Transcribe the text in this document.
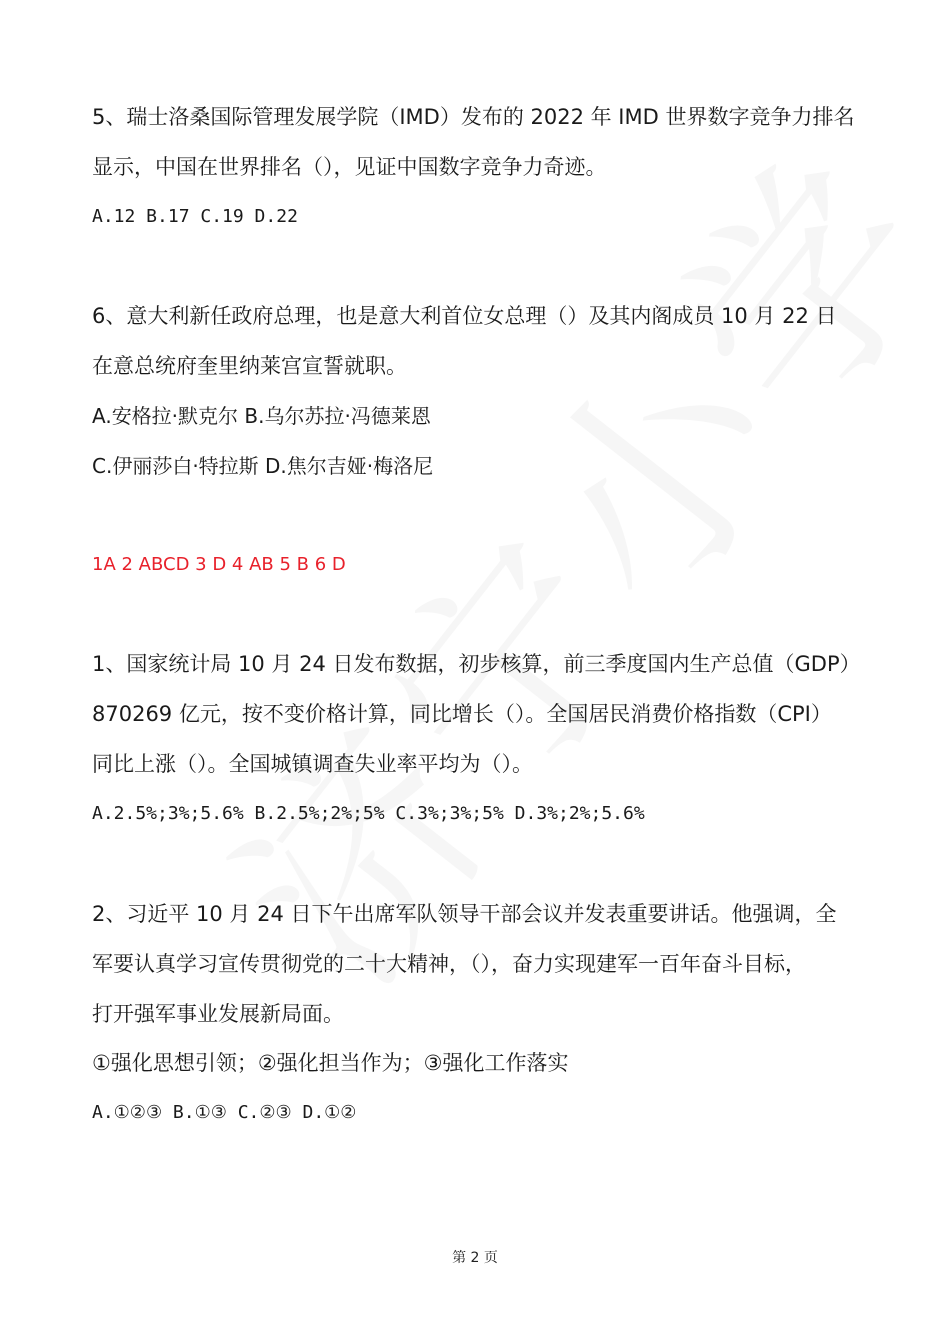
5、瑞士洛桑国际管理发展学院（IMD）发布的 2022 年 IMD 世界数字竞争力排名
显示，中国在世界排名（），见证中国数字竞争力奇迹。
A.12 B.17 C.19 D.22
6、意大利新任政府总理，也是意大利首位女总理（）及其内阁成员 10 月 22 日
在意总统府奎里纳莱宫宣誓就职。
A.安格拉·默克尔 B.乌尔苏拉·冯德莱恩
C.伊丽莎白·特拉斯 D.焦尔吉娅·梅洛尼
1A 2 ABCD 3 D 4 AB 5 B 6 D
1、国家统计局 10 月 24 日发布数据，初步核算，前三季度国内生产总值（GDP）
870269 亿元，按不变价格计算，同比增长（）。全国居民消费价格指数（CPI）
同比上涨（）。全国城镇调查失业率平均为（）。
A.2.5%;3%;5.6% B.2.5%;2%;5% C.3%;3%;5% D.3%;2%;5.6%
2、习近平 10 月 24 日下午出席军队领导干部会议并发表重要讲话。他强调，全
军要认真学习宣传贯彻党的二十大精神，（），奋力实现建军一百年奋斗目标，
打开强军事业发展新局面。
①强化思想引领；②强化担当作为；③强化工作落实
A.①②③ B.①③ C.②③ D.①②
第 2 页
